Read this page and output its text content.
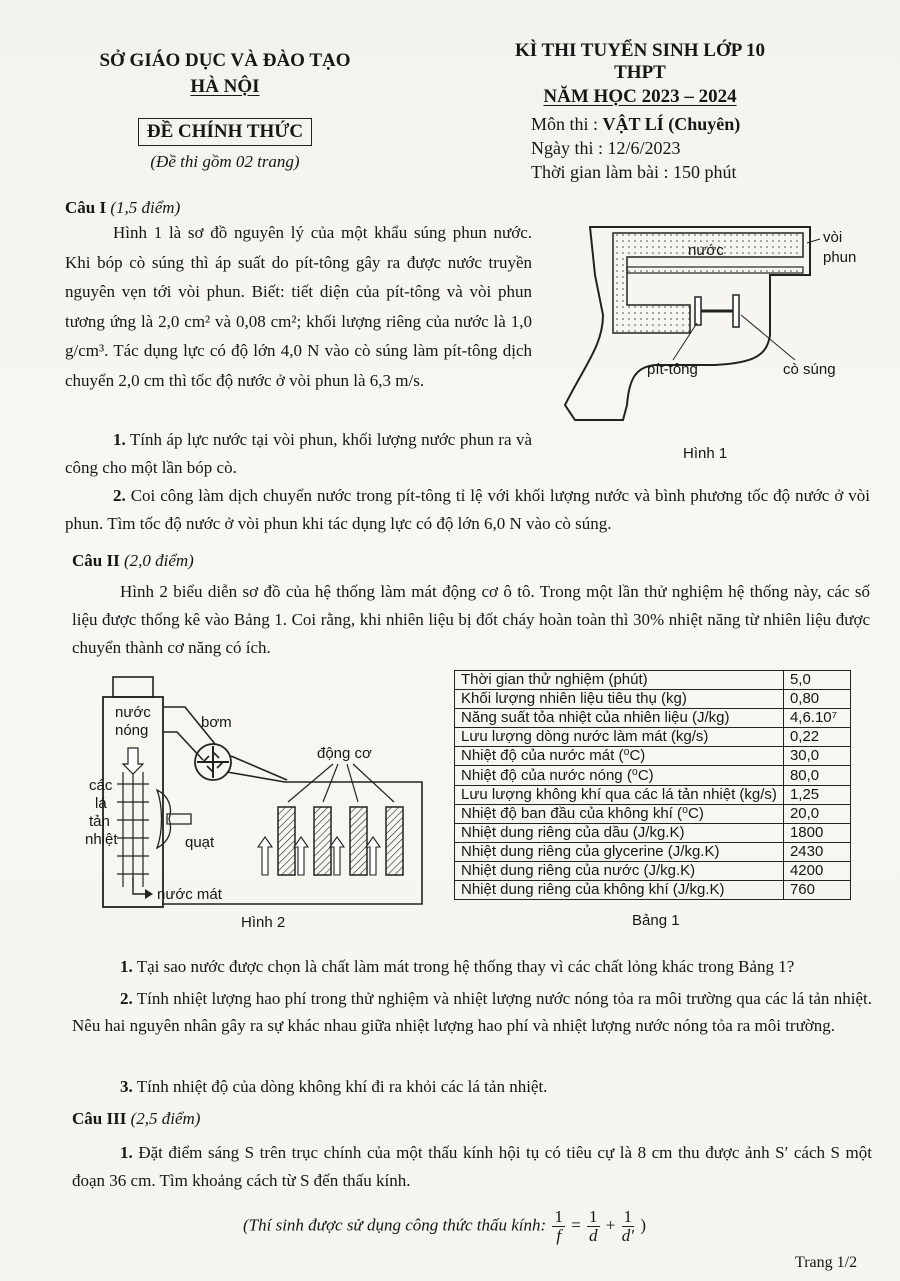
SỞ GIÁO DỤC VÀ ĐÀO TẠO
HÀ NỘI
ĐỀ CHÍNH THỨC
(Đề thi gồm 02 trang)
KÌ THI TUYỂN SINH LỚP 10 THPT
NĂM HỌC 2023 – 2024
Môn thi : VẬT LÍ (Chuyên)
Ngày thi : 12/6/2023
Thời gian làm bài : 150 phút
Câu I (1,5 điểm)
Hình 1 là sơ đồ nguyên lý của một khẩu súng phun nước. Khi bóp cò súng thì áp suất do pít-tông gây ra được nước truyền nguyên vẹn tới vòi phun. Biết: tiết diện của pít-tông và vòi phun tương ứng là 2,0 cm² và 0,08 cm²; khối lượng riêng của nước là 1,0 g/cm³. Tác dụng lực có độ lớn 4,0 N vào cò súng làm pít-tông dịch chuyển 2,0 cm thì tốc độ nước ở vòi phun là 6,3 m/s.
1. Tính áp lực nước tại vòi phun, khối lượng nước phun ra và công cho một lần bóp cò.
2. Coi công làm dịch chuyển nước trong pít-tông tỉ lệ với khối lượng nước và bình phương tốc độ nước ở vòi phun. Tìm tốc độ nước ở vòi phun khi tác dụng lực có độ lớn 6,0 N vào cò súng.
nước
vòi
phun
pít-tông	cò súng
Hình 1
Câu II (2,0 điểm)
Hình 2 biểu diễn sơ đồ của hệ thống làm mát động cơ ô tô. Trong một lần thử nghiệm hệ thống này, các số liệu được thống kê vào Bảng 1. Coi rằng, khi nhiên liệu bị đốt cháy hoàn toàn thì 30% nhiệt năng từ nhiên liệu được chuyển thành cơ năng có ích.
nước
nóng	bơm
động cơ
các
lá
tản
nhiệt	quạt
nước mát
Hình 2
Thời gian thử nghiệm (phút)	5,0
Khối lượng nhiên liệu tiêu thụ (kg)	0,80
Năng suất tỏa nhiệt của nhiên liệu (J/kg)	4,6.10⁷
Lưu lượng dòng nước làm mát (kg/s)	0,22
Nhiệt độ của nước mát (⁰C)	30,0
Nhiệt độ của nước nóng (⁰C)	80,0
Lưu lượng không khí qua các lá tản nhiệt (kg/s)	1,25
Nhiệt độ ban đầu của không khí (⁰C)	20,0
Nhiệt dung riêng của dầu (J/kg.K)	1800
Nhiệt dung riêng của glycerine (J/kg.K)	2430
Nhiệt dung riêng của nước (J/kg.K)	4200
Nhiệt dung riêng của không khí (J/kg.K)	760
Bảng 1
1. Tại sao nước được chọn là chất làm mát trong hệ thống thay vì các chất lỏng khác trong Bảng 1?
2. Tính nhiệt lượng hao phí trong thử nghiệm và nhiệt lượng nước nóng tỏa ra môi trường qua các lá tản nhiệt. Nêu hai nguyên nhân gây ra sự khác nhau giữa nhiệt lượng hao phí và nhiệt lượng nước nóng tỏa ra môi trường.
3. Tính nhiệt độ của dòng không khí đi ra khỏi các lá tản nhiệt.
Câu III (2,5 điểm)
1. Đặt điểm sáng S trên trục chính của một thấu kính hội tụ có tiêu cự là 8 cm thu được ảnh S′ cách S một đoạn 36 cm. Tìm khoảng cách từ S đến thấu kính.
(Thí sinh được sử dụng công thức thấu kính: $\frac{1}{f} = \frac{1}{d} + \frac{1}{d'}$ )
Trang 1/2
